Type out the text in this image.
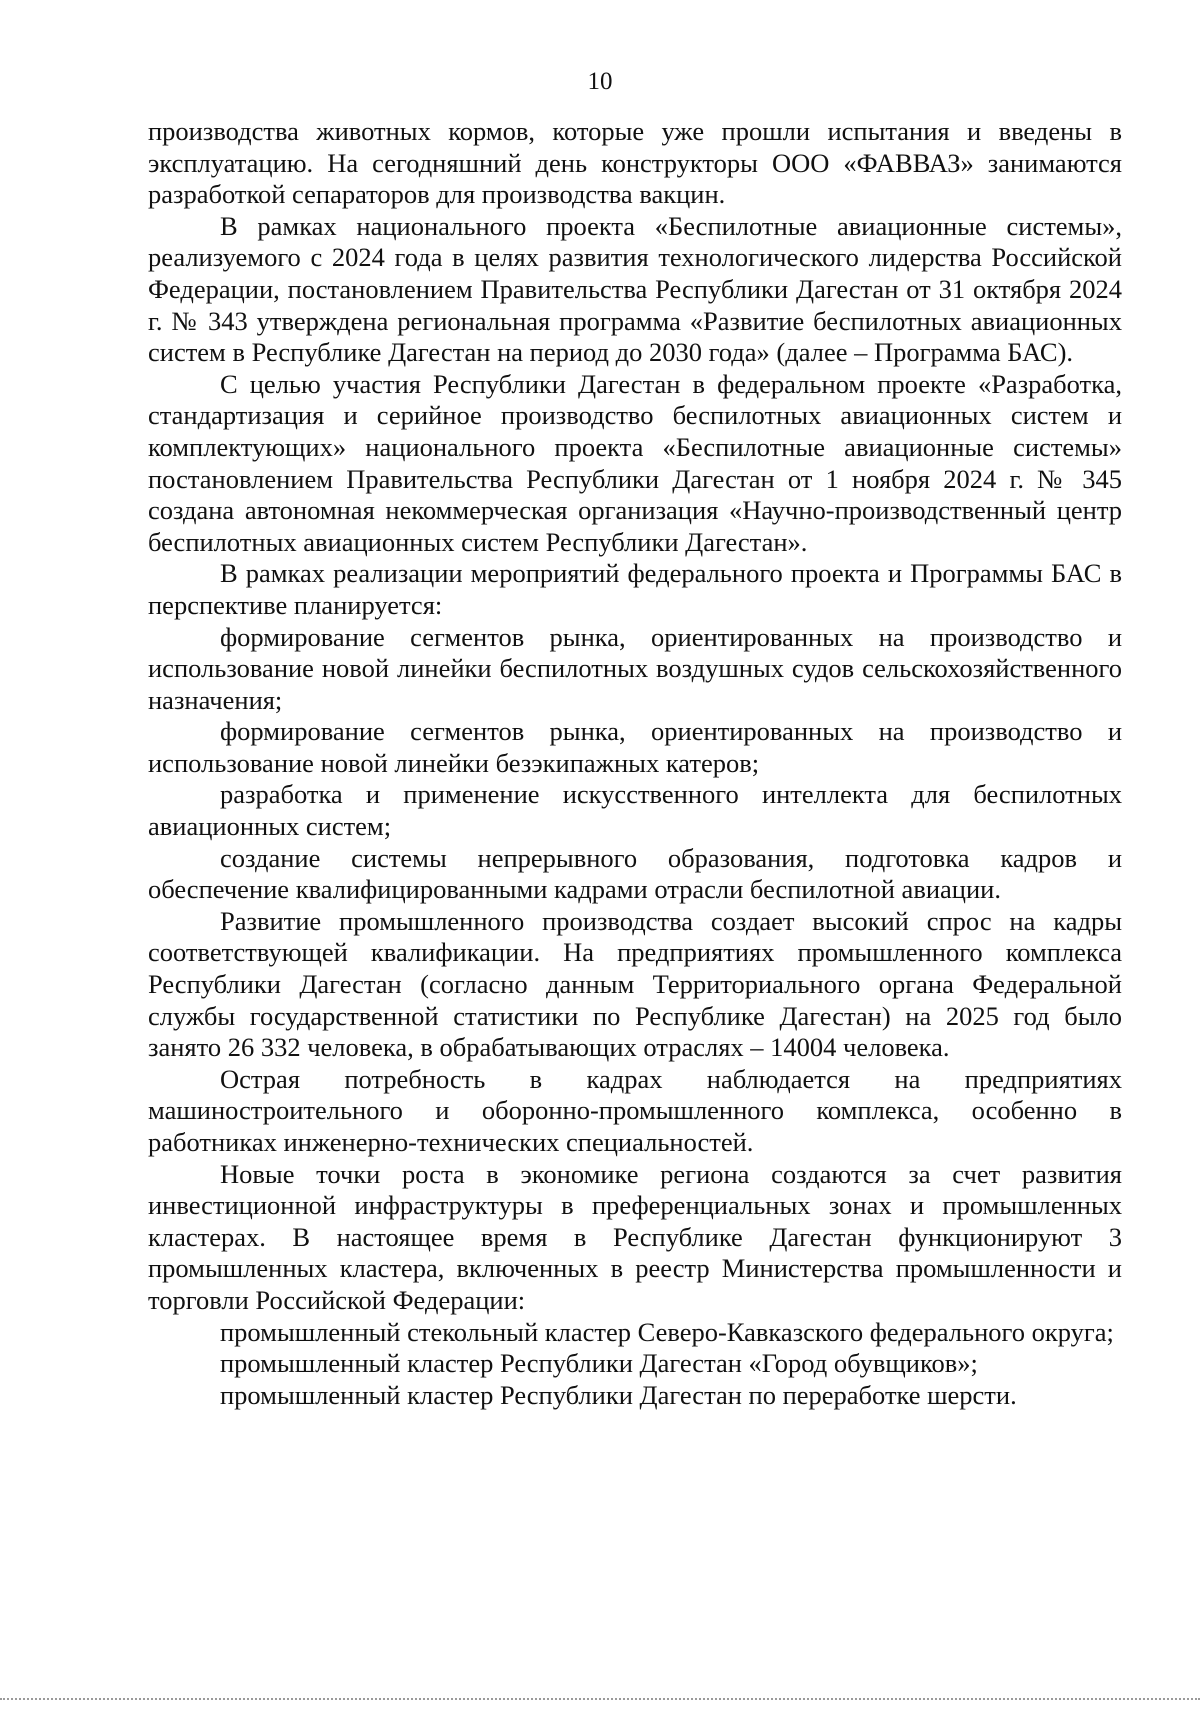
10

производства животных кормов, которые уже прошли испытания и введены в эксплуатацию. На сегодняшний день конструкторы ООО «ФАВВАЗ» занимаются разработкой сепараторов для производства вакцин.

В рамках национального проекта «Беспилотные авиационные системы», реализуемого с 2024 года в целях развития технологического лидерства Российской Федерации, постановлением Правительства Республики Дагестан от 31 октября 2024 г. № 343 утверждена региональная программа «Развитие беспилотных авиационных систем в Республике Дагестан на период до 2030 года» (далее – Программа БАС).

С целью участия Республики Дагестан в федеральном проекте «Разработка, стандартизация и серийное производство беспилотных авиационных систем и комплектующих» национального проекта «Беспилотные авиационные системы» постановлением Правительства Республики Дагестан от 1 ноября 2024 г. № 345 создана автономная некоммерческая организация «Научно-производственный центр беспилотных авиационных систем Республики Дагестан».

В рамках реализации мероприятий федерального проекта и Программы БАС в перспективе планируется:

формирование сегментов рынка, ориентированных на производство и использование новой линейки беспилотных воздушных судов сельскохозяйственного назначения;

формирование сегментов рынка, ориентированных на производство и использование новой линейки безэкипажных катеров;

разработка и применение искусственного интеллекта для беспилотных авиационных систем;

создание системы непрерывного образования, подготовка кадров и обеспечение квалифицированными кадрами отрасли беспилотной авиации.

Развитие промышленного производства создает высокий спрос на кадры соответствующей квалификации. На предприятиях промышленного комплекса Республики Дагестан (согласно данным Территориального органа Федеральной службы государственной статистики по Республике Дагестан) на 2025 год было занято 26 332 человека, в обрабатывающих отраслях – 14004 человека.

Острая потребность в кадрах наблюдается на предприятиях машиностроительного и оборонно-промышленного комплекса, особенно в работниках инженерно-технических специальностей.

Новые точки роста в экономике региона создаются за счет развития инвестиционной инфраструктуры в преференциальных зонах и промышленных кластерах. В настоящее время в Республике Дагестан функционируют 3 промышленных кластера, включенных в реестр Министерства промышленности и торговли Российской Федерации:

промышленный стекольный кластер Северо-Кавказского федерального округа;

промышленный кластер Республики Дагестан «Город обувщиков»;

промышленный кластер Республики Дагестан по переработке шерсти.
